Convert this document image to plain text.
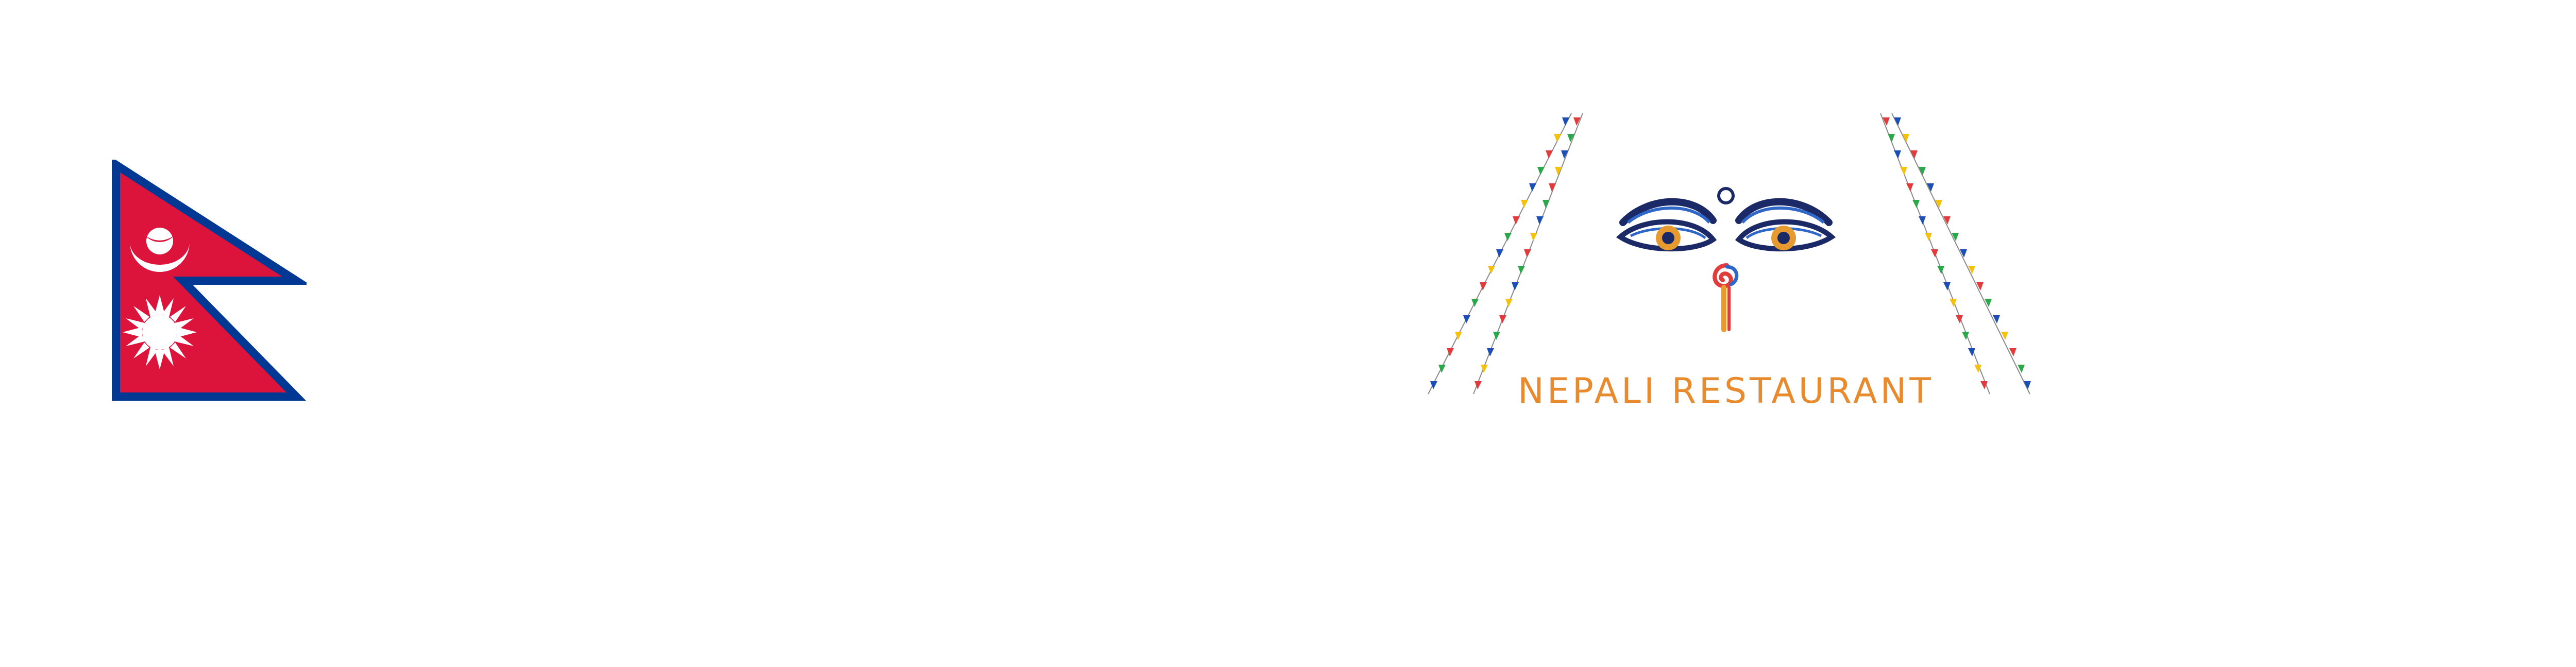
NEPALI RESTAURANT
